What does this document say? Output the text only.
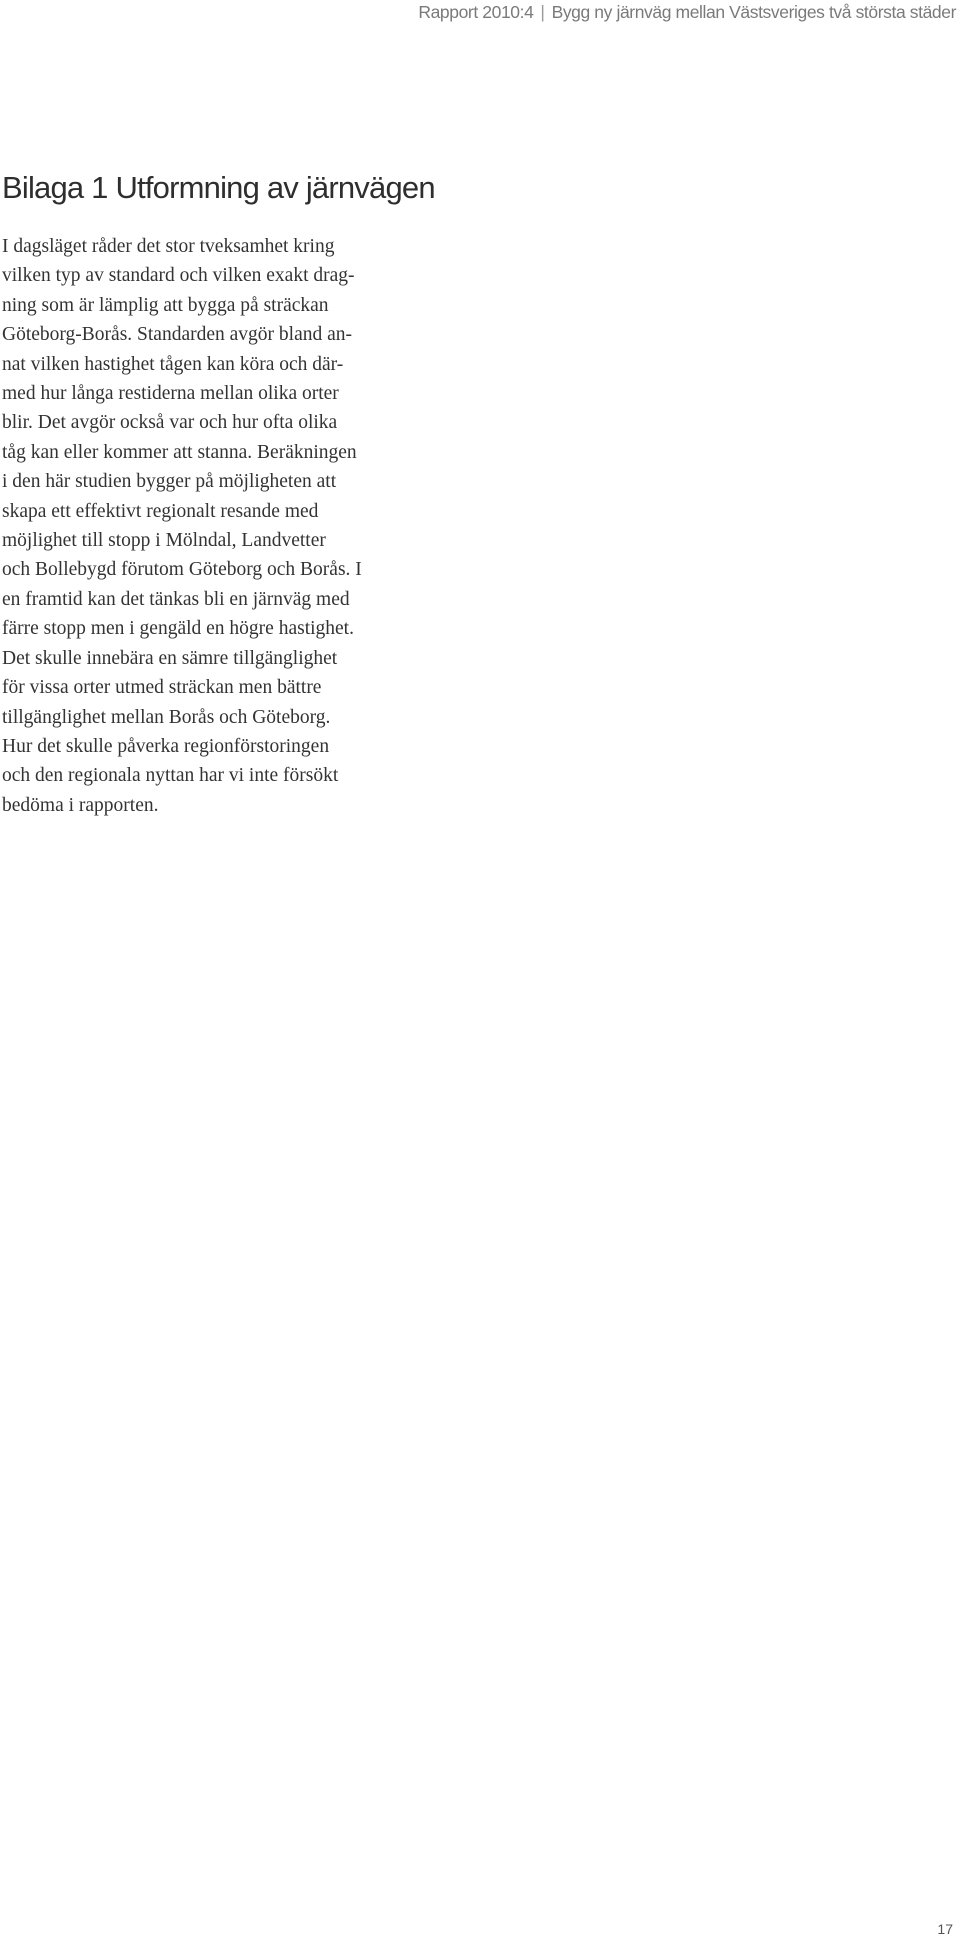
Rapport 2010:4 | Bygg ny järnväg mellan Västsveriges två största städer
Bilaga 1 Utformning av järnvägen

I dagsläget råder det stor tveksamhet kring
vilken typ av standard och vilken exakt drag-
ning som är lämplig att bygga på sträckan
Göteborg-Borås. Standarden avgör bland an-
nat vilken hastighet tågen kan köra och där-
med hur långa restiderna mellan olika orter
blir. Det avgör också var och hur ofta olika
tåg kan eller kommer att stanna. Beräkningen
i den här studien bygger på möjligheten att
skapa ett effektivt regionalt resande med
möjlighet till stopp i Mölndal, Landvetter
och Bollebygd förutom Göteborg och Borås. I
en framtid kan det tänkas bli en järnväg med
färre stopp men i gengäld en högre hastighet.
Det skulle innebära en sämre tillgänglighet
för vissa orter utmed sträckan men bättre
tillgänglighet mellan Borås och Göteborg.
Hur det skulle påverka regionförstoringen
och den regionala nyttan har vi inte försökt
bedöma i rapporten.

17
